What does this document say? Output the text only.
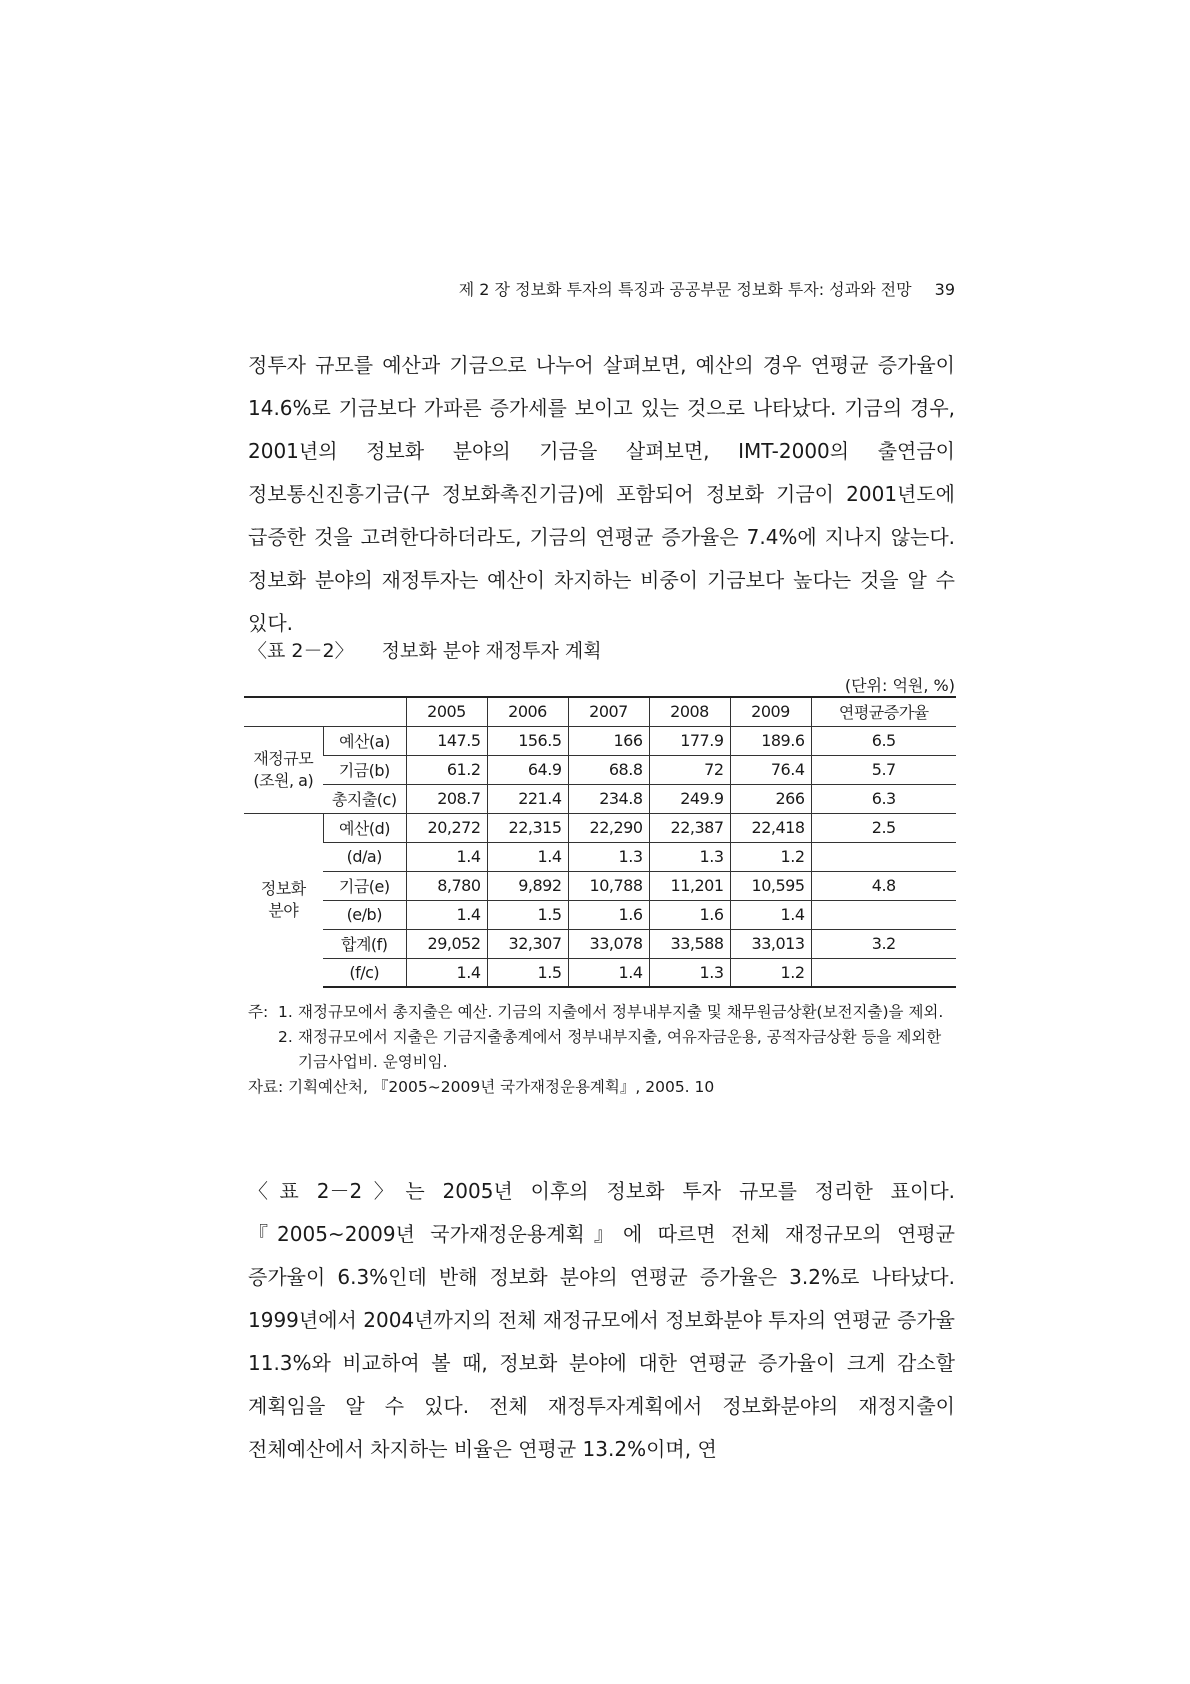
제 2 장 정보화 투자의 특징과 공공부문 정보화 투자: 성과와 전망 39

정투자 규모를 예산과 기금으로 나누어 살펴보면, 예산의 경우 연평균 증가율이 14.6%로 기금보다 가파른 증가세를 보이고 있는 것으로 나타났다. 기금의 경우, 2001년의 정보화 분야의 기금을 살펴보면, IMT-2000의 출연금이 정보통신진흥기금(구 정보화촉진기금)에 포함되어 정보화 기금이 2001년도에 급증한 것을 고려한다하더라도, 기금의 연평균 증가율은 7.4%에 지나지 않는다. 정보화 분야의 재정투자는 예산이 차지하는 비중이 기금보다 높다는 것을 알 수 있다.

〈표 2－2〉 정보화 분야 재정투자 계획
(단위: 억원, %)
		2005	2006	2007	2008	2009	연평균증가율
재정규모
(조원, a)	예산(a)	147.5	156.5	166	177.9	189.6	6.5
	기금(b)	61.2	64.9	68.8	72	76.4	5.7
	총지출(c)	208.7	221.4	234.8	249.9	266	6.3
정보화
분야	예산(d)	20,272	22,315	22,290	22,387	22,418	2.5
	(d/a)	1.4	1.4	1.3	1.3	1.2	
	기금(e)	8,780	9,892	10,788	11,201	10,595	4.8
	(e/b)	1.4	1.5	1.6	1.6	1.4	
	합계(f)	29,052	32,307	33,078	33,588	33,013	3.2
	(f/c)	1.4	1.5	1.4	1.3	1.2	
주: 1. 재정규모에서 총지출은 예산. 기금의 지출에서 정부내부지출 및 채무원금상환(보전지출)을 제외.
2. 재정규모에서 지출은 기금지출총계에서 정부내부지출, 여유자금운용, 공적자금상환 등을 제외한 기금사업비. 운영비임.
자료: 기획예산처, 『2005~2009년 국가재정운용계획』, 2005. 10

〈표 2－2〉는 2005년 이후의 정보화 투자 규모를 정리한 표이다. 『2005~2009년 국가재정운용계획』에 따르면 전체 재정규모의 연평균 증가율이 6.3%인데 반해 정보화 분야의 연평균 증가율은 3.2%로 나타났다. 1999년에서 2004년까지의 전체 재정규모에서 정보화분야 투자의 연평균 증가율 11.3%와 비교하여 볼 때, 정보화 분야에 대한 연평균 증가율이 크게 감소할 계획임을 알 수 있다. 전체 재정투자계획에서 정보화분야의 재정지출이 전체예산에서 차지하는 비율은 연평균 13.2%이며, 연
